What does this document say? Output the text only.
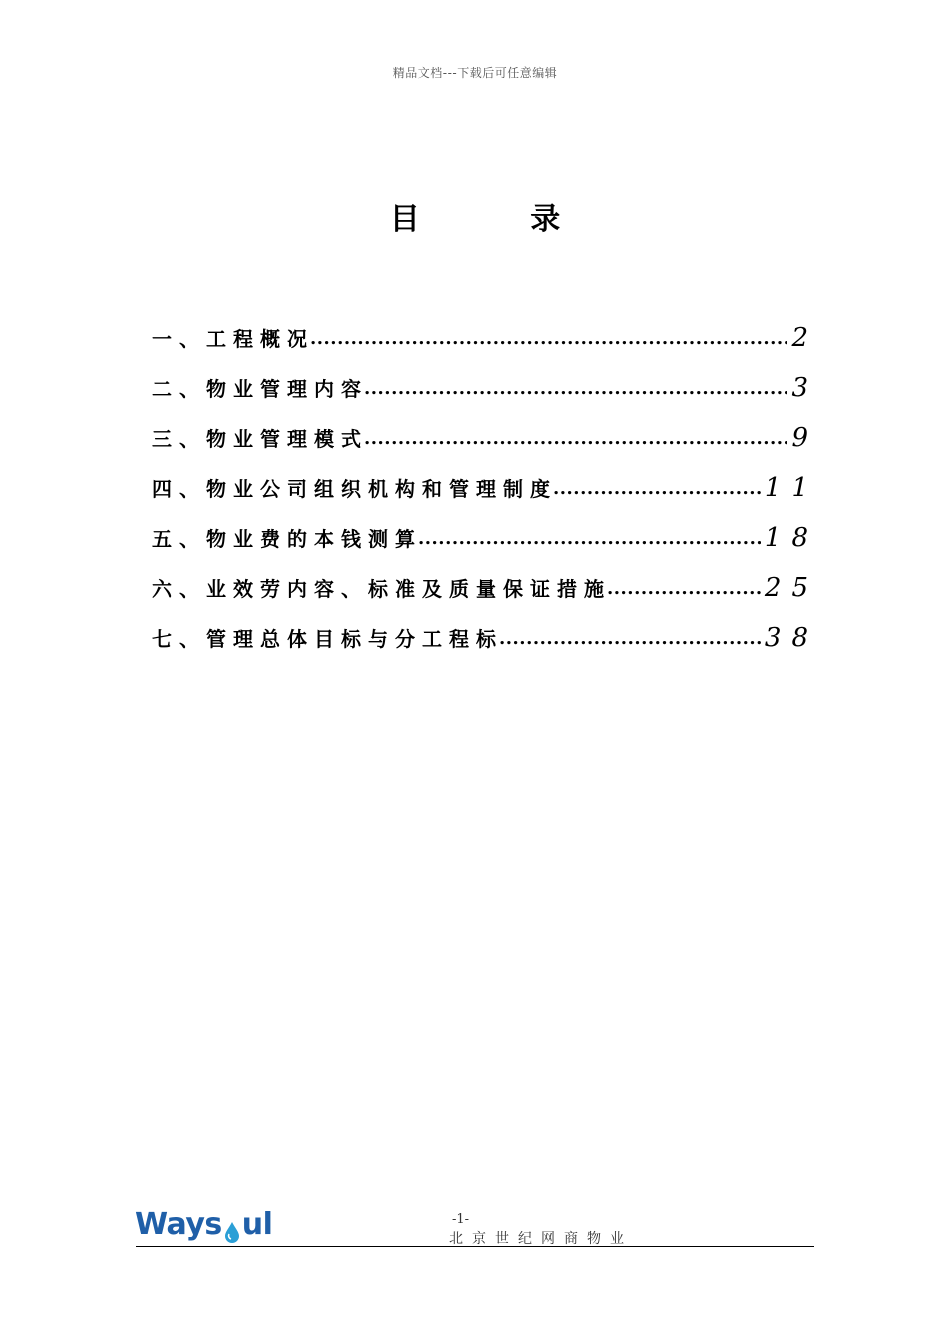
精品文档---下载后可任意编辑
目 录
一、工程概况 .....	2
二、物业管理内容 .....	3
三、物业管理模式 .....	9
四、物业公司组织机构和管理制度 .....	11
五、物业费的本钱测算 .....	18
六、业效劳内容、标准及质量保证措施 .....	25
七、管理总体目标与分工程标 .....	38
Ways ul	-1-
北京世纪网商物业
